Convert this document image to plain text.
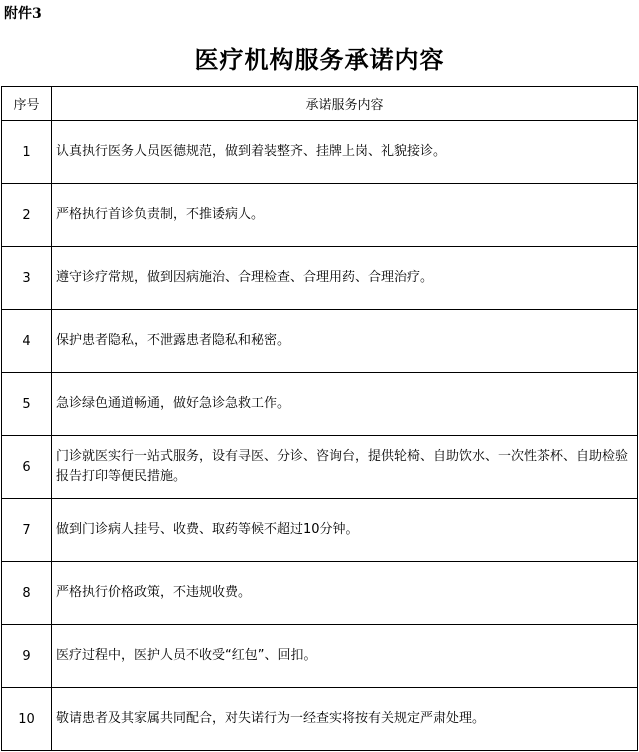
附件3
医疗机构服务承诺内容
序号	承诺服务内容
1	认真执行医务人员医德规范，做到着装整齐、挂牌上岗、礼貌接诊。
2	严格执行首诊负责制，不推诿病人。
3	遵守诊疗常规，做到因病施治、合理检查、合理用药、合理治疗。
4	保护患者隐私，不泄露患者隐私和秘密。
5	急诊绿色通道畅通，做好急诊急救工作。
6	门诊就医实行一站式服务，设有寻医、分诊、咨询台，提供轮椅、自助饮水、一次性茶杯、自助检验报告打印等便民措施。
7	做到门诊病人挂号、收费、取药等候不超过10分钟。
8	严格执行价格政策，不违规收费。
9	医疗过程中，医护人员不收受“红包”、回扣。
10	敬请患者及其家属共同配合，对失诺行为一经查实将按有关规定严肃处理。
